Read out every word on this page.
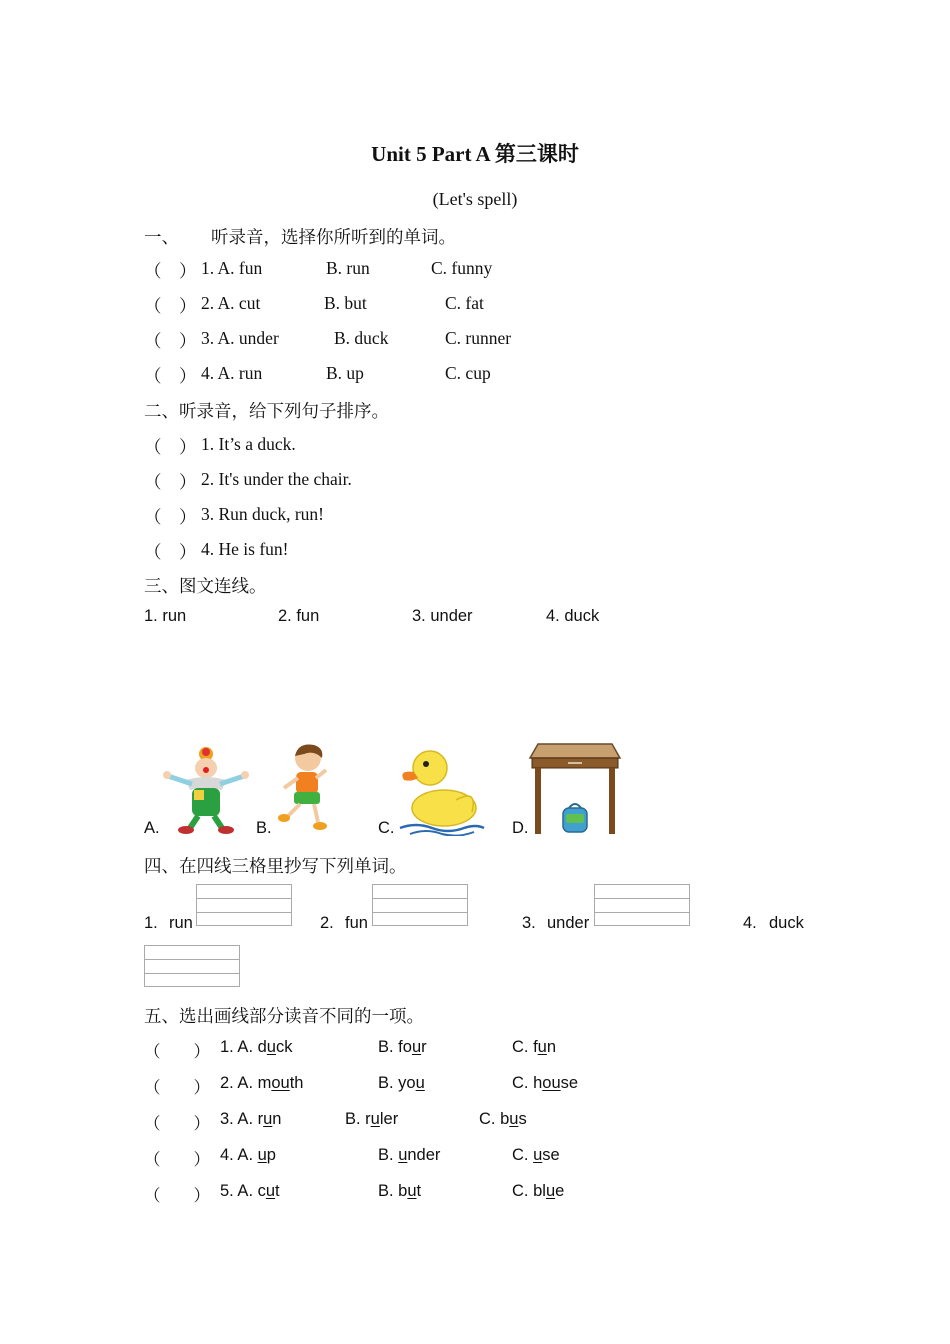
Unit 5 Part A 第三课时
(Let's spell)
一、 听录音，选择你所听到的单词。
（　） 1. A. fun	B. run	C. funny
（　） 2. A. cut	B. but	C. fat
（　） 3. A. under	B. duck	C. runner
（　） 4. A. run	B. up	C. cup
二、听录音，给下列句子排序。
（　） 1. It’s a duck.
（　） 2. It's under the chair.
（　） 3. Run duck, run!
（　） 4. He is fun!
三、图文连线。
1. run	2. fun	3. under	4. duck
A.	B.	C.	D.
四、在四线三格里抄写下列单词。
1. run	2. fun	3. under	4. duck
五、选出画线部分读音不同的一项。
（　　） 1. A. duck	B. four	C. fun
（　　） 2. A. mouth	B. you	C. house
（　　） 3. A. run	B. ruler	C. bus
（　　） 4. A. up	B. under	C. use
（　　） 5. A. cut	B. but	C. blue
